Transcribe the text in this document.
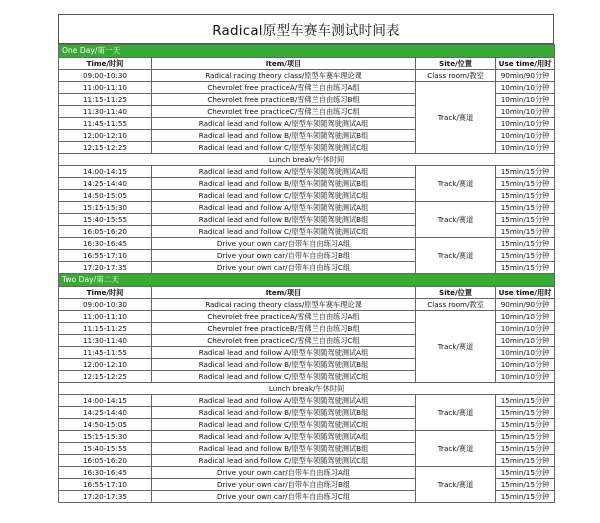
Radical原型车赛车测试时间表
One Day/第一天			
Time/时间	Item/项目	Site/位置	Use time/用时
09:00-10:30	Radical racing theory class/原型车赛车理论课	Class room/教室	90min/90分钟
11:00-11:10	Chevrolet free practiceA/雪佛兰自由练习A组	Track/赛道	10min/10分钟
11:15-11:25	Chevrolet free practiceB/雪佛兰自由练习B组		10min/10分钟
11:30-11:40	Chevrolet free practiceC/雪佛兰自由练习C组		10min/10分钟
11:45-11:55	Radical lead and follow A/原型车领随驾驶测试A组		10min/10分钟
12:00-12:10	Radical lead and follow B/原型车领随驾驶测试B组		10min/10分钟
12:15-12:25	Radical lead and follow C/原型车领随驾驶测试C组		10min/10分钟
Lunch break/午休时间			
14:00-14:15	Radical lead and follow A/原型车领随驾驶测试A组	Track/赛道	15min/15分钟
14:25-14:40	Radical lead and follow B/原型车领随驾驶测试B组		15min/15分钟
14:50-15:05	Radical lead and follow C/原型车领随驾驶测试C组		15min/15分钟
15:15-15:30	Radical lead and follow A/原型车领随驾驶测试A组	Track/赛道	15min/15分钟
15:40-15:55	Radical lead and follow B/原型车领随驾驶测试B组		15min/15分钟
16:05-16:20	Radical lead and follow C/原型车领随驾驶测试C组		15min/15分钟
16:30-16:45	Drive your own car/自带车自由练习A组	Track/赛道	15min/15分钟
16:55-17:10	Drive your own car/自带车自由练习B组		15min/15分钟
17:20-17:35	Drive your own car/自带车自由练习C组		15min/15分钟
Two Day/第二天			
Time/时间	Item/项目	Site/位置	Use time/用时
09:00-10:30	Radical racing theory class/原型车赛车理论课	Class room/教室	90min/90分钟
11:00-11:10	Chevrolet free practiceA/雪佛兰自由练习A组	Track/赛道	10min/10分钟
11:15-11:25	Chevrolet free practiceB/雪佛兰自由练习B组		10min/10分钟
11:30-11:40	Chevrolet free practiceC/雪佛兰自由练习C组		10min/10分钟
11:45-11:55	Radical lead and follow A/原型车领随驾驶测试A组		10min/10分钟
12:00-12:10	Radical lead and follow B/原型车领随驾驶测试B组		10min/10分钟
12:15-12:25	Radical lead and follow C/原型车领随驾驶测试C组		10min/10分钟
Lunch break/午休时间			
14:00-14:15	Radical lead and follow A/原型车领随驾驶测试A组	Track/赛道	15min/15分钟
14:25-14:40	Radical lead and follow B/原型车领随驾驶测试B组		15min/15分钟
14:50-15:05	Radical lead and follow C/原型车领随驾驶测试C组		15min/15分钟
15:15-15:30	Radical lead and follow A/原型车领随驾驶测试A组	Track/赛道	15min/15分钟
15:40-15:55	Radical lead and follow B/原型车领随驾驶测试B组		15min/15分钟
16:05-16:20	Radical lead and follow C/原型车领随驾驶测试C组		15min/15分钟
16:30-16:45	Drive your own car/自带车自由练习A组	Track/赛道	15min/15分钟
16:55-17:10	Drive your own car/自带车自由练习B组		15min/15分钟
17:20-17:35	Drive your own car/自带车自由练习C组		15min/15分钟
